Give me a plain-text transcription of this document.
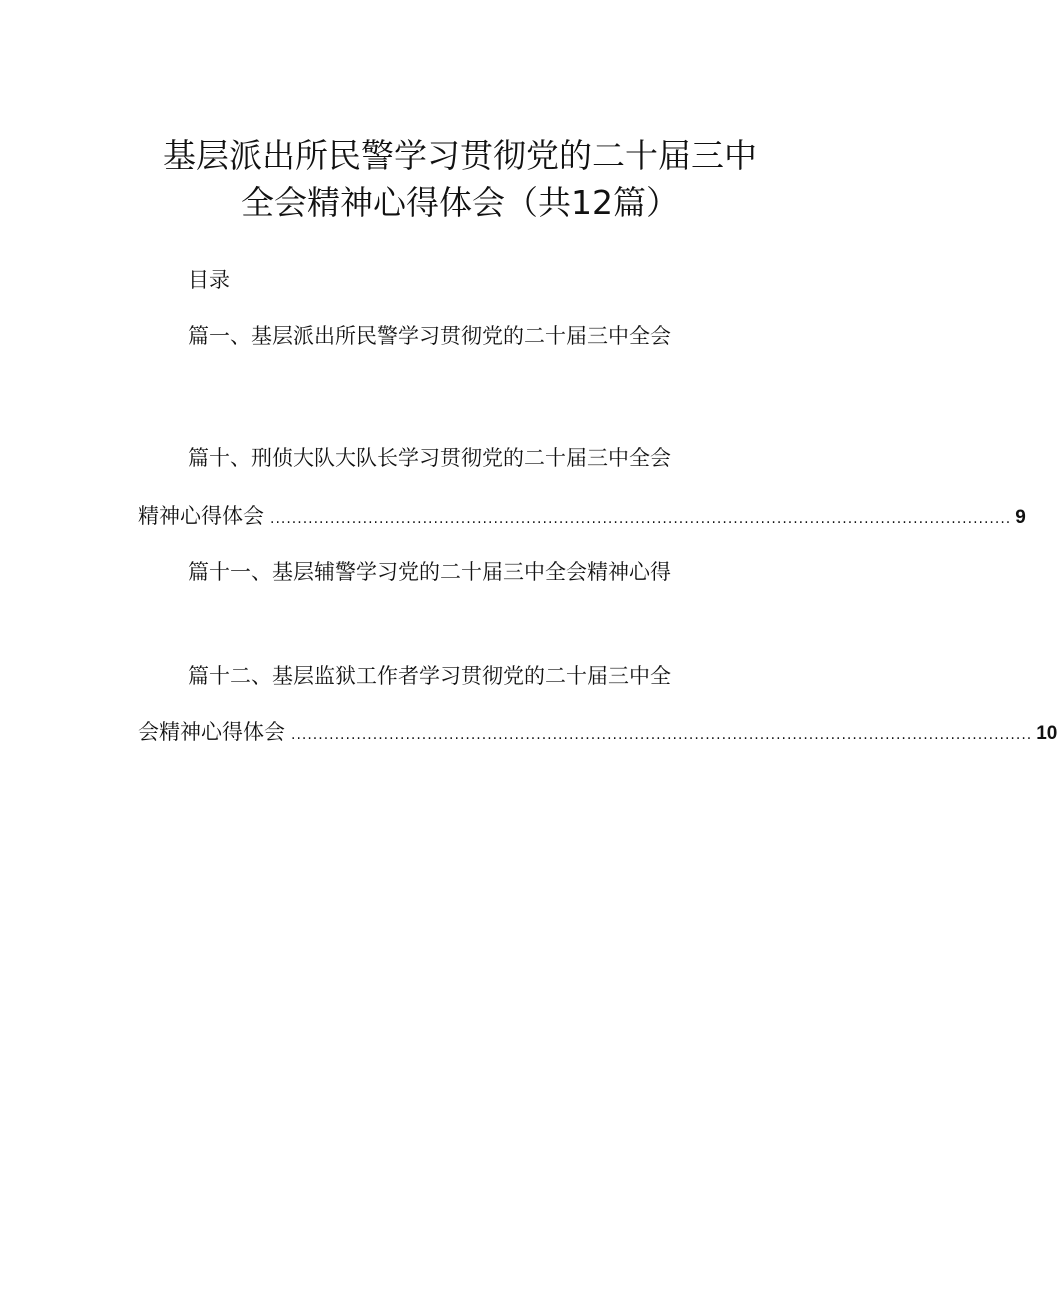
基层派出所民警学习贯彻党的二十届三中
全会精神心得体会（共12篇）
目录
篇一、基层派出所民警学习贯彻党的二十届三中全会
篇十、刑侦大队大队长学习贯彻党的二十届三中全会
精神心得体会 ........................................................................................................................................ 9
篇十一、基层辅警学习党的二十届三中全会精神心得
篇十二、基层监狱工作者学习贯彻党的二十届三中全
会精神心得体会 ........................................................................................................................................ 10
